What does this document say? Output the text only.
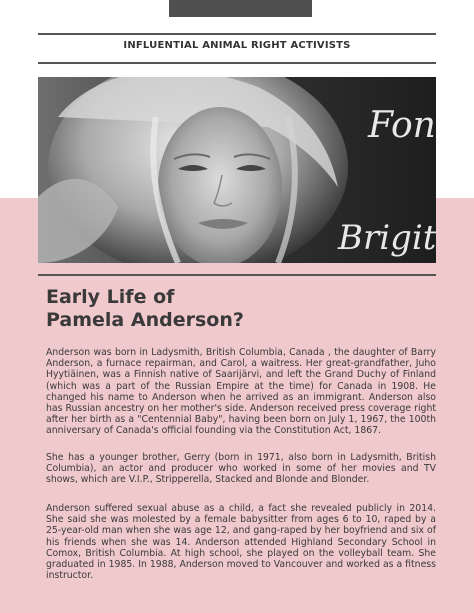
INFLUENTIAL ANIMAL RIGHT ACTIVISTS
Fon
Brigit
Early Life of
Pamela Anderson?

Anderson was born in Ladysmith, British Columbia, Canada , the daughter of Barry Anderson, a furnace repairman, and Carol, a waitress. Her great-grandfather, Juho Hyytiäinen, was a Finnish native of Saarijärvi, and left the Grand Duchy of Finland (which was a part of the Russian Empire at the time) for Canada in 1908. He changed his name to Anderson when he arrived as an immigrant. Anderson also has Russian ancestry on her mother's side. Anderson received press coverage right after her birth as a "Centennial Baby", having been born on July 1, 1967, the 100th anniversary of Canada's official founding via the Constitution Act, 1867.

She has a younger brother, Gerry (born in 1971, also born in Ladysmith, British Columbia), an actor and producer who worked in some of her movies and TV shows, which are V.I.P., Stripperella, Stacked and Blonde and Blonder.

Anderson suffered sexual abuse as a child, a fact she revealed publicly in 2014. She said she was molested by a female babysitter from ages 6 to 10, raped by a 25-year-old man when she was age 12, and gang-raped by her boyfriend and six of his friends when she was 14. Anderson attended Highland Secondary School in Comox, British Columbia. At high school, she played on the volleyball team. She graduated in 1985. In 1988, Anderson moved to Vancouver and worked as a fitness instructor.
